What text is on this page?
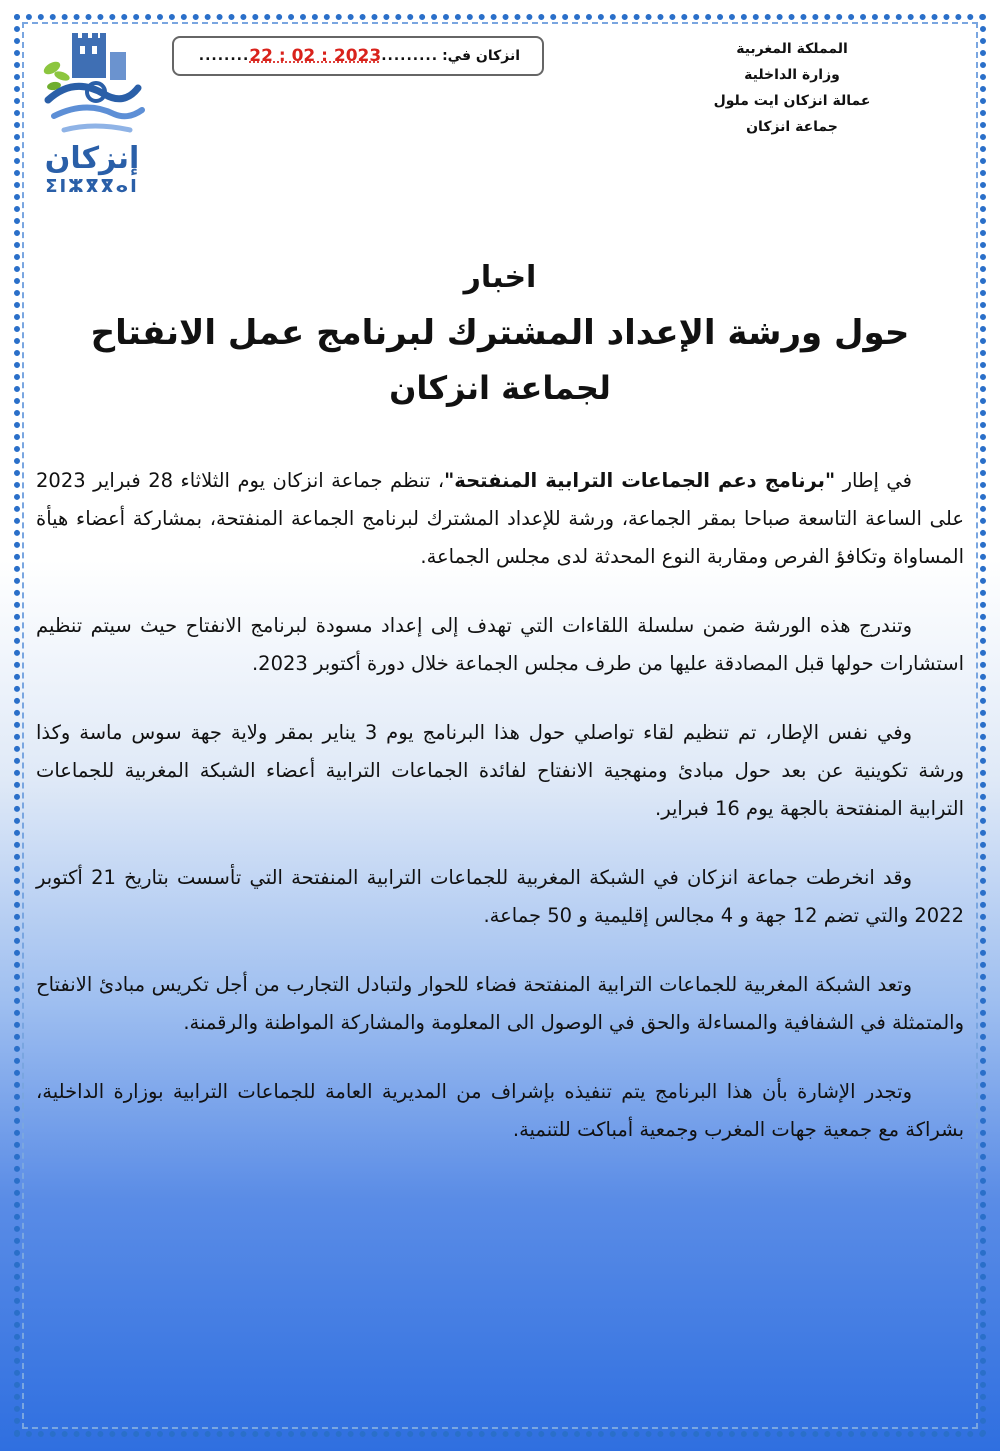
إنزكان
ⵉⵏⵣⴳⴳⴰⵏ
انزكان في:
.........
22 : 02 : 2023
........	المملكة المغربية
وزارة الداخلية
عمالة انزكان ايت ملول
جماعة انزكان
اخبار
حول ورشة الإعداد المشترك لبرنامج عمل الانفتاح
لجماعة انزكان

في إطار "برنامج دعم الجماعات الترابية المنفتحة"، تنظم جماعة انزكان يوم الثلاثاء 28 فبراير 2023 على الساعة التاسعة صباحا بمقر الجماعة، ورشة للإعداد المشترك لبرنامج الجماعة المنفتحة، بمشاركة أعضاء هيأة المساواة وتكافؤ الفرص ومقاربة النوع المحدثة لدى مجلس الجماعة.

وتندرج هذه الورشة ضمن سلسلة اللقاءات التي تهدف إلى إعداد مسودة لبرنامج الانفتاح حيث سيتم تنظيم استشارات حولها قبل المصادقة عليها من طرف مجلس الجماعة خلال دورة أكتوبر 2023.

وفي نفس الإطار، تم تنظيم لقاء تواصلي حول هذا البرنامج يوم 3 يناير بمقر ولاية جهة سوس ماسة وكذا ورشة تكوينية عن بعد حول مبادئ ومنهجية الانفتاح لفائدة الجماعات الترابية أعضاء الشبكة المغربية للجماعات الترابية المنفتحة بالجهة يوم 16 فبراير.

وقد انخرطت جماعة انزكان في الشبكة المغربية للجماعات الترابية المنفتحة التي تأسست بتاريخ 21 أكتوبر 2022 والتي تضم 12 جهة و 4 مجالس إقليمية و 50 جماعة.

وتعد الشبكة المغربية للجماعات الترابية المنفتحة فضاء للحوار ولتبادل التجارب من أجل تكريس مبادئ الانفتاح والمتمثلة في الشفافية والمساءلة والحق في الوصول الى المعلومة والمشاركة المواطنة والرقمنة.

وتجدر الإشارة بأن هذا البرنامج يتم تنفيذه بإشراف من المديرية العامة للجماعات الترابية بوزارة الداخلية، بشراكة مع جمعية جهات المغرب وجمعية أمباكت للتنمية.
